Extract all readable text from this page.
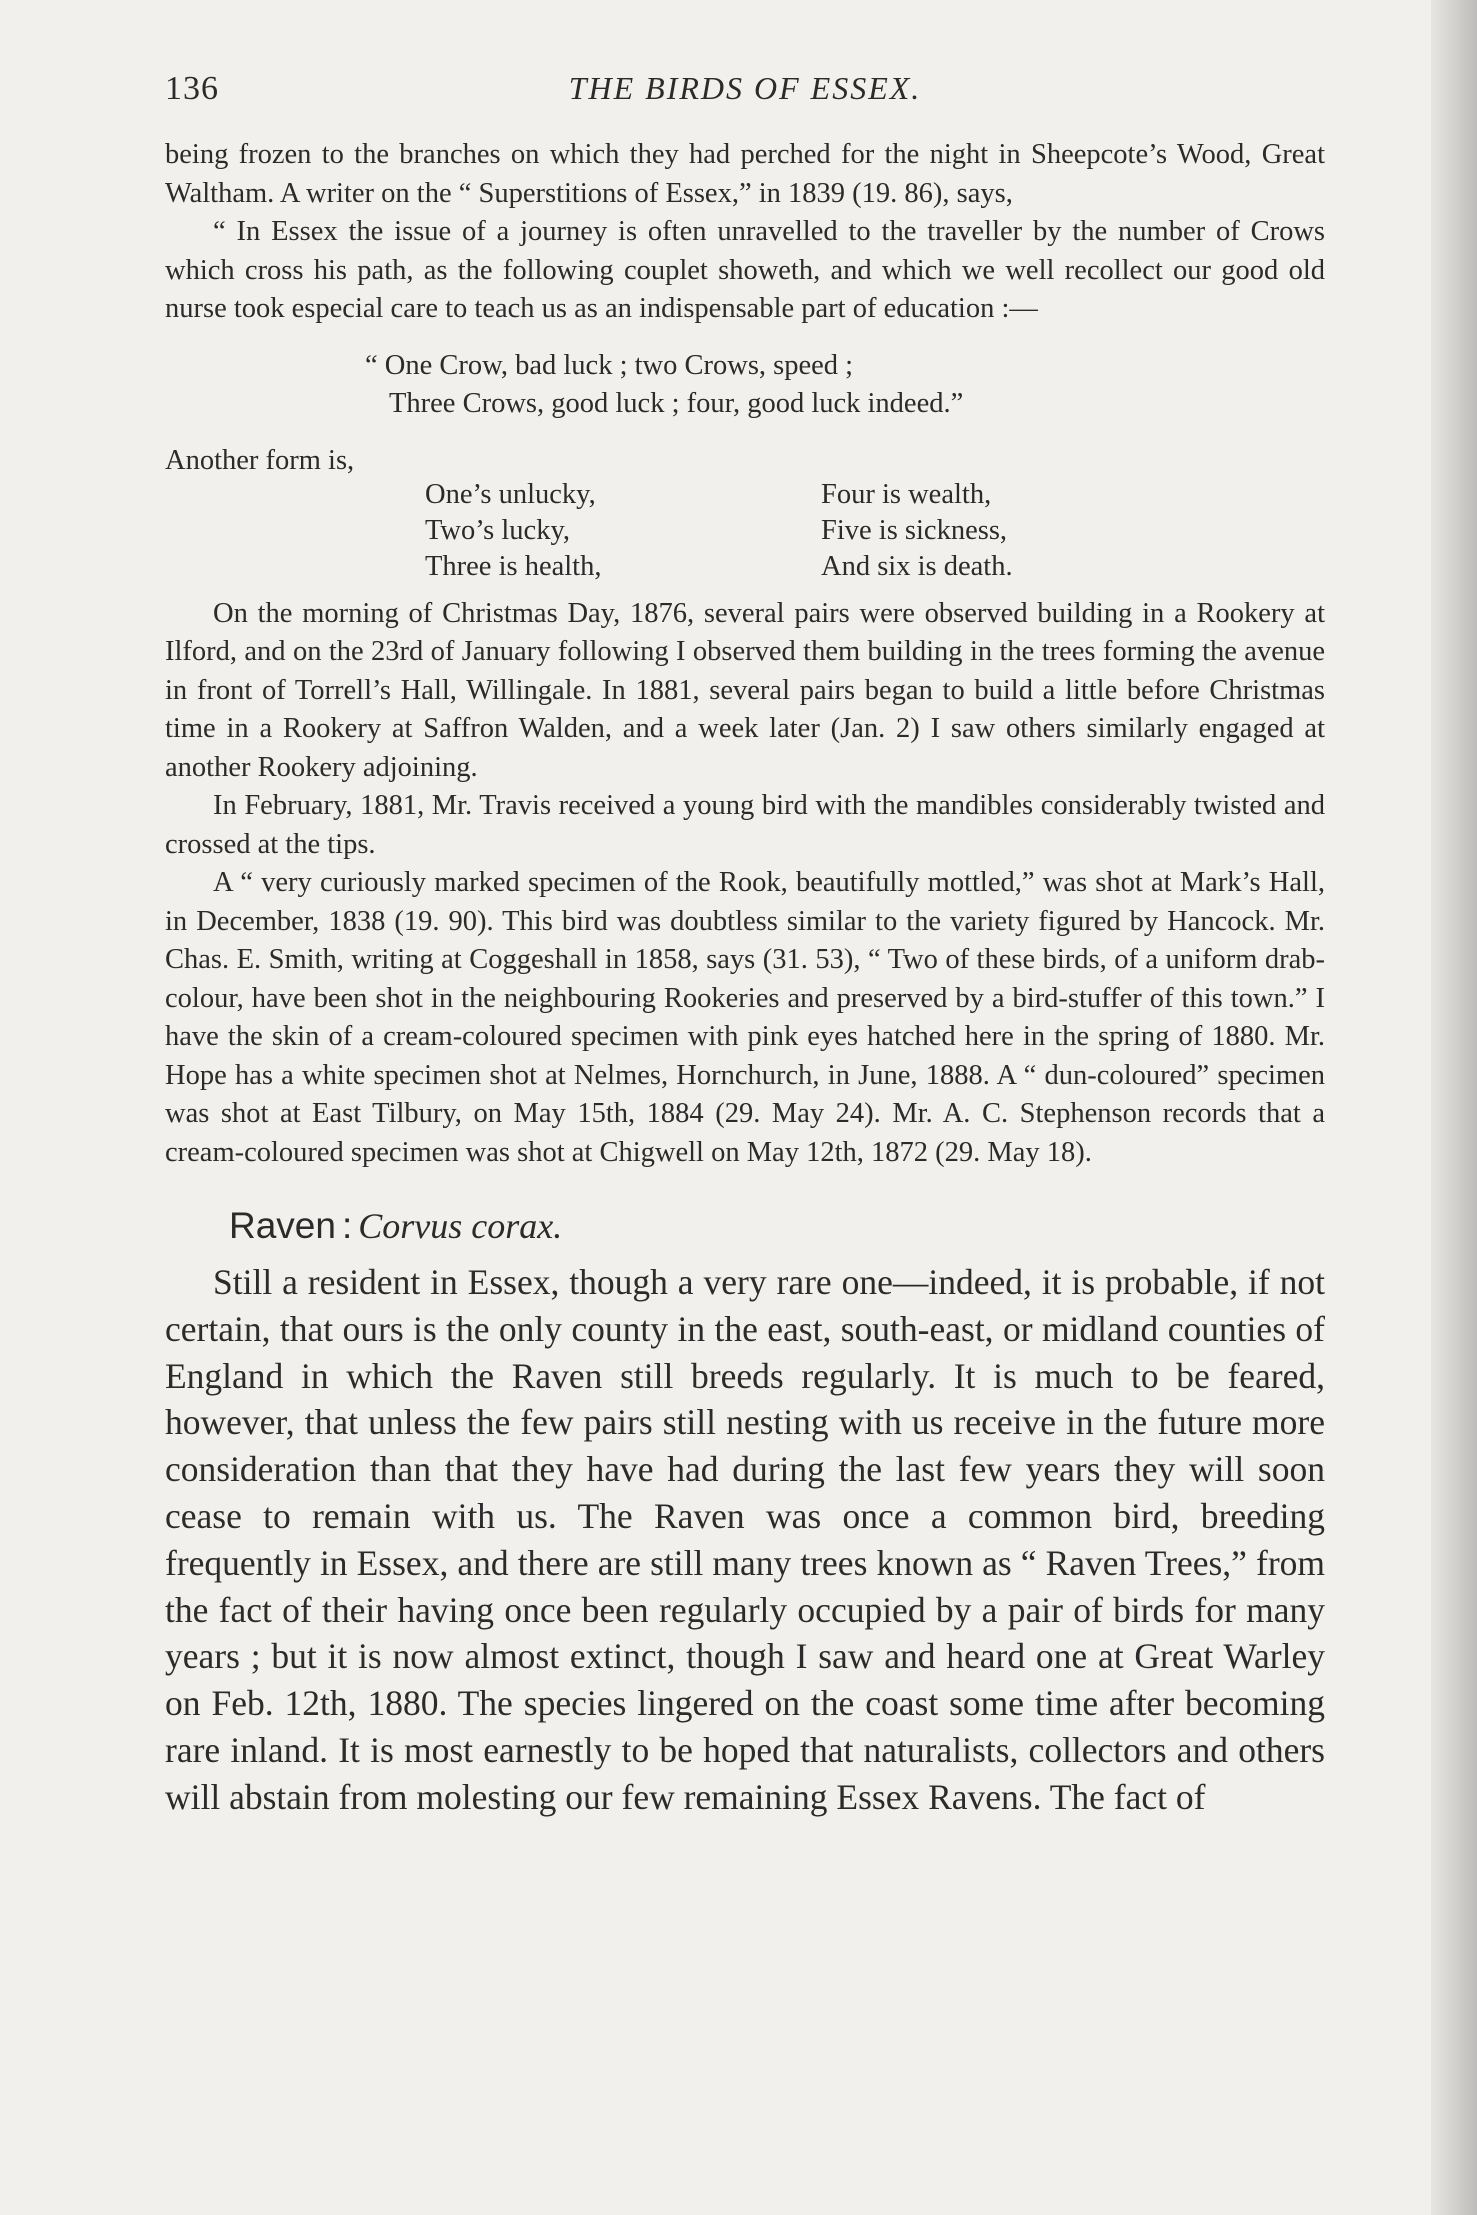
136	THE BIRDS OF ESSEX.

being frozen to the branches on which they had perched for the night in Sheepcote’s Wood, Great Waltham. A writer on the “ Superstitions of Essex,” in 1839 (19. 86), says,

“ In Essex the issue of a journey is often unravelled to the traveller by the number of Crows which cross his path, as the following couplet showeth, and which we well recollect our good old nurse took especial care to teach us as an indispensable part of education :—

“ One Crow, bad luck ; two Crows, speed ;
Three Crows, good luck ; four, good luck indeed.”
Another form is,
One’s unlucky,
Two’s lucky,
Three is health,
Four is wealth,
Five is sickness,
And six is death.

On the morning of Christmas Day, 1876, several pairs were observed building in a Rookery at Ilford, and on the 23rd of January following I observed them building in the trees forming the avenue in front of Torrell’s Hall, Willingale. In 1881, several pairs began to build a little before Christmas time in a Rookery at Saffron Walden, and a week later (Jan. 2) I saw others similarly engaged at another Rookery adjoining.

In February, 1881, Mr. Travis received a young bird with the mandibles considerably twisted and crossed at the tips.

A “ very curiously marked specimen of the Rook, beautifully mottled,” was shot at Mark’s Hall, in December, 1838 (19. 90). This bird was doubtless similar to the variety figured by Hancock. Mr. Chas. E. Smith, writing at Coggeshall in 1858, says (31. 53), “ Two of these birds, of a uniform drab-colour, have been shot in the neighbouring Rookeries and preserved by a bird-stuffer of this town.” I have the skin of a cream-coloured specimen with pink eyes hatched here in the spring of 1880. Mr. Hope has a white specimen shot at Nelmes, Hornchurch, in June, 1888. A “ dun-coloured” specimen was shot at East Tilbury, on May 15th, 1884 (29. May 24). Mr. A. C. Stephenson records that a cream-coloured specimen was shot at Chigwell on May 12th, 1872 (29. May 18).

Raven : Corvus corax.

Still a resident in Essex, though a very rare one—indeed, it is probable, if not certain, that ours is the only county in the east, south-east, or midland counties of England in which the Raven still breeds regularly. It is much to be feared, however, that unless the few pairs still nesting with us receive in the future more consideration than that they have had during the last few years they will soon cease to remain with us. The Raven was once a common bird, breeding frequently in Essex, and there are still many trees known as “ Raven Trees,” from the fact of their having once been regularly occupied by a pair of birds for many years ; but it is now almost extinct, though I saw and heard one at Great Warley on Feb. 12th, 1880. The species lingered on the coast some time after becoming rare inland. It is most earnestly to be hoped that naturalists, collectors and others will abstain from molesting our few remaining Essex Ravens. The fact of
